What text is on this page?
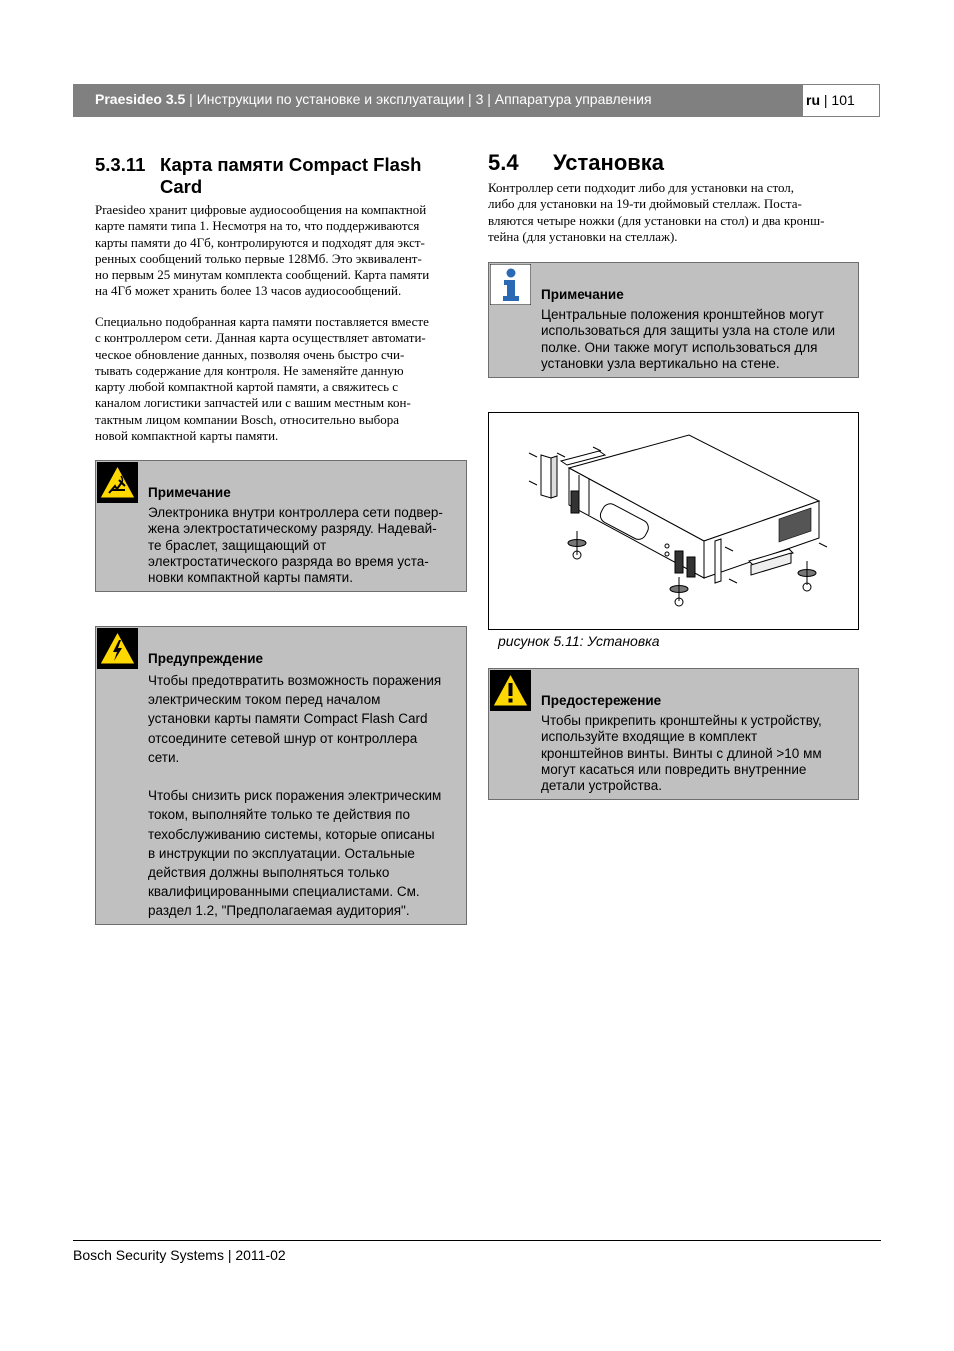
Praesideo 3.5 | Инструкции по установке и эксплуатации | 3 | Аппаратура управления	ru | 101
5.3.11 Карта памяти Compact Flash Card
Praesideo хранит цифровые аудиосообщения на компактной
карте памяти типа 1. Несмотря на то, что поддерживаются
карты памяти до 4Гб, контролируются и подходят для экст-
ренных сообщений только первые 128Мб. Это эквивалент-
но первым 25 минутам комплекта сообщений. Карта памяти
на 4Гб может хранить более 13 часов аудиосообщений.
Специально подобранная карта памяти поставляется вместе
с контроллером сети. Данная карта осуществляет автомати-
ческое обновление данных, позволяя очень быстро счи-
тывать содержание для контроля. Не заменяйте данную
карту любой компактной картой памяти, а свяжитесь с
каналом логистики запчастей или с вашим местным кон-
тактным лицом компании Bosch, относительно выбора
новой компактной карты памяти.
Примечание
Электроника внутри контроллера сети подвер-
жена электростатическому разряду. Надевай-
те браслет, защищающий от
электростатического разряда во время уста-
новки компактной карты памяти.
Предупреждение
Чтобы предотвратить возможность поражения
электрическим током перед началом
установки карты памяти Compact Flash Card
отсоедините сетевой шнур от контроллера
сети.

Чтобы снизить риск поражения электрическим
током, выполняйте только те действия по
техобслуживанию системы, которые описаны
в инструкции по эксплуатации. Остальные
действия должны выполняться только
квалифицированными специалистами. См.
раздел 1.2, "Предполагаемая аудитория".
5.4 Установка
Контроллер сети подходит либо для установки на стол,
либо для установки на 19-ти дюймовый стеллаж. Поста-
вляются четыре ножки (для установки на стол) и два кронш-
тейна (для установки на стеллаж).
Примечание
Центральные положения кронштейнов могут
использоваться для защиты узла на столе или
полке. Они также могут использоваться для
установки узла вертикально на стене.
рисунок 5.11: Установка
Предостережение
Чтобы прикрепить кронштейны к устройству,
используйте входящие в комплект
кронштейнов винты. Винты с длиной >10 мм
могут касаться или повредить внутренние
детали устройства.
Bosch Security Systems | 2011-02
